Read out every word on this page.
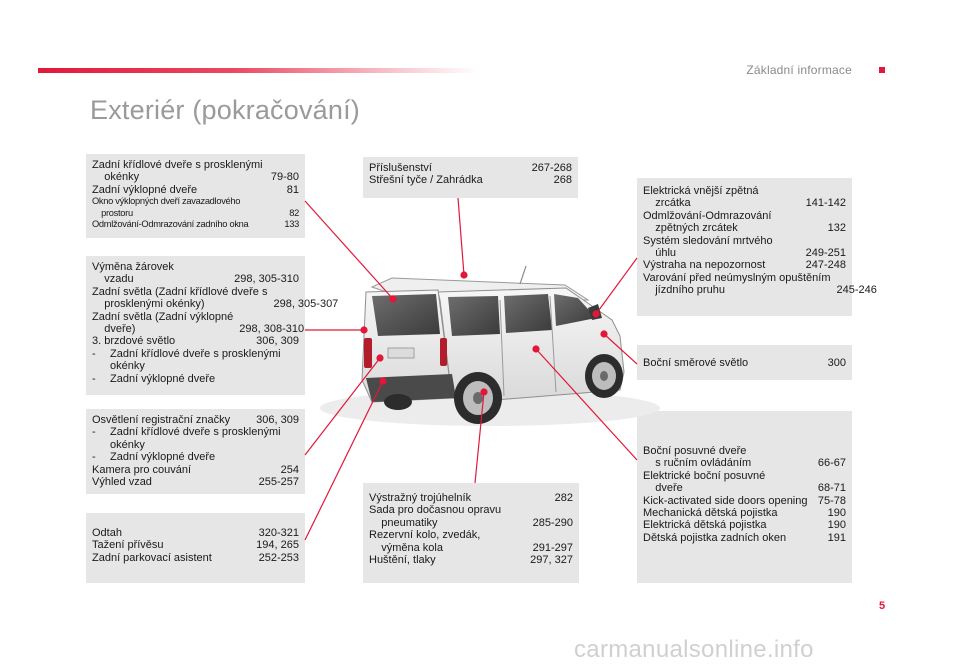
Základní informace
Exteriér (pokračování)
Zadní křídlové dveře s prosklenými
okénky	79-80
Zadní výklopné dveře	81
Okno výklopných dveří zavazadlového
prostoru	82
Odmlžování-Odmrazování zadního okna	133
Výměna žárovek
vzadu	298, 305-310
Zadní světla (Zadní křídlové dveře s
prosklenými okénky)	298, 305-307
Zadní světla (Zadní výklopné
dveře)	298, 308-310
3. brzdové světlo	306, 309
-	Zadní křídlové dveře s prosklenými okénky
-	Zadní výklopné dveře
Osvětlení registrační značky	306, 309
-	Zadní křídlové dveře s prosklenými okénky
-	Zadní výklopné dveře
Kamera pro couvání	254
Výhled vzad	255-257
Odtah	320-321
Tažení přívěsu	194, 265
Zadní parkovací asistent	252-253
Příslušenství	267-268
Střešní tyče / Zahrádka	268
Výstražný trojúhelník	282
Sada pro dočasnou opravu
pneumatiky	285-290
Rezervní kolo, zvedák,
výměna kola	291-297
Huštění, tlaky	297, 327
Elektrická vnější zpětná
zrcátka	141-142
Odmlžování-Odmrazování
zpětných zrcátek	132
Systém sledování mrtvého
úhlu	249-251
Výstraha na nepozornost	247-248
Varování před neúmyslným opuštěním
jízdního pruhu	245-246
Boční směrové světlo	300
Boční posuvné dveře
s ručním ovládáním	66-67
Elektrické boční posuvné
dveře	68-71
Kick-activated side doors opening 75-78
Mechanická dětská pojistka	190
Elektrická dětská pojistka	190
Dětská pojistka zadních oken	191
5
carmanualsonline.info
